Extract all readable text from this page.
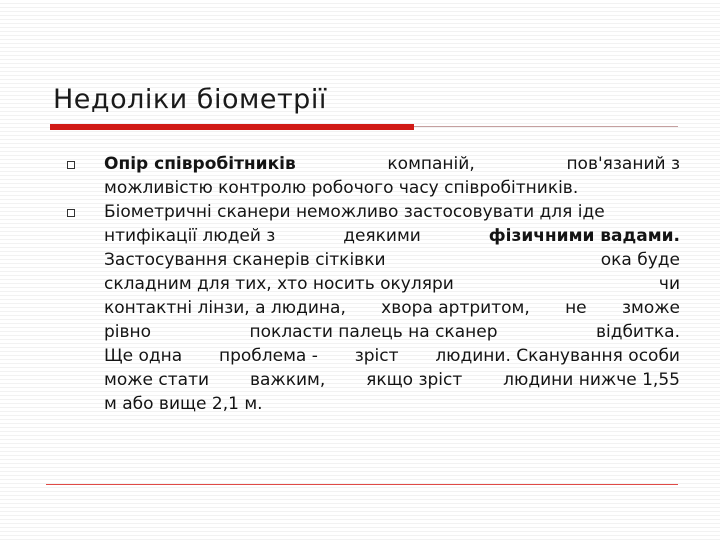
Недоліки біометрії
Опір співробітників	компаній,	пов'язаний з
можливістю контролю робочого часу співробітників.
Біометричні сканери неможливо застосовувати для іде
нтифікації людей з	деякими	фізичними вадами.
Застосування сканерів сітківки	ока буде
складним для тих, хто носить окуляри	чи
контактні лінзи, а людина, хвора артритом, не зможе
рівно	покласти палець на сканер	відбитка.
Ще одна проблема - зріст людини. Сканування особи
може стати важким, якщо зріст людини нижче 1,55
м або вище 2,1 м.
